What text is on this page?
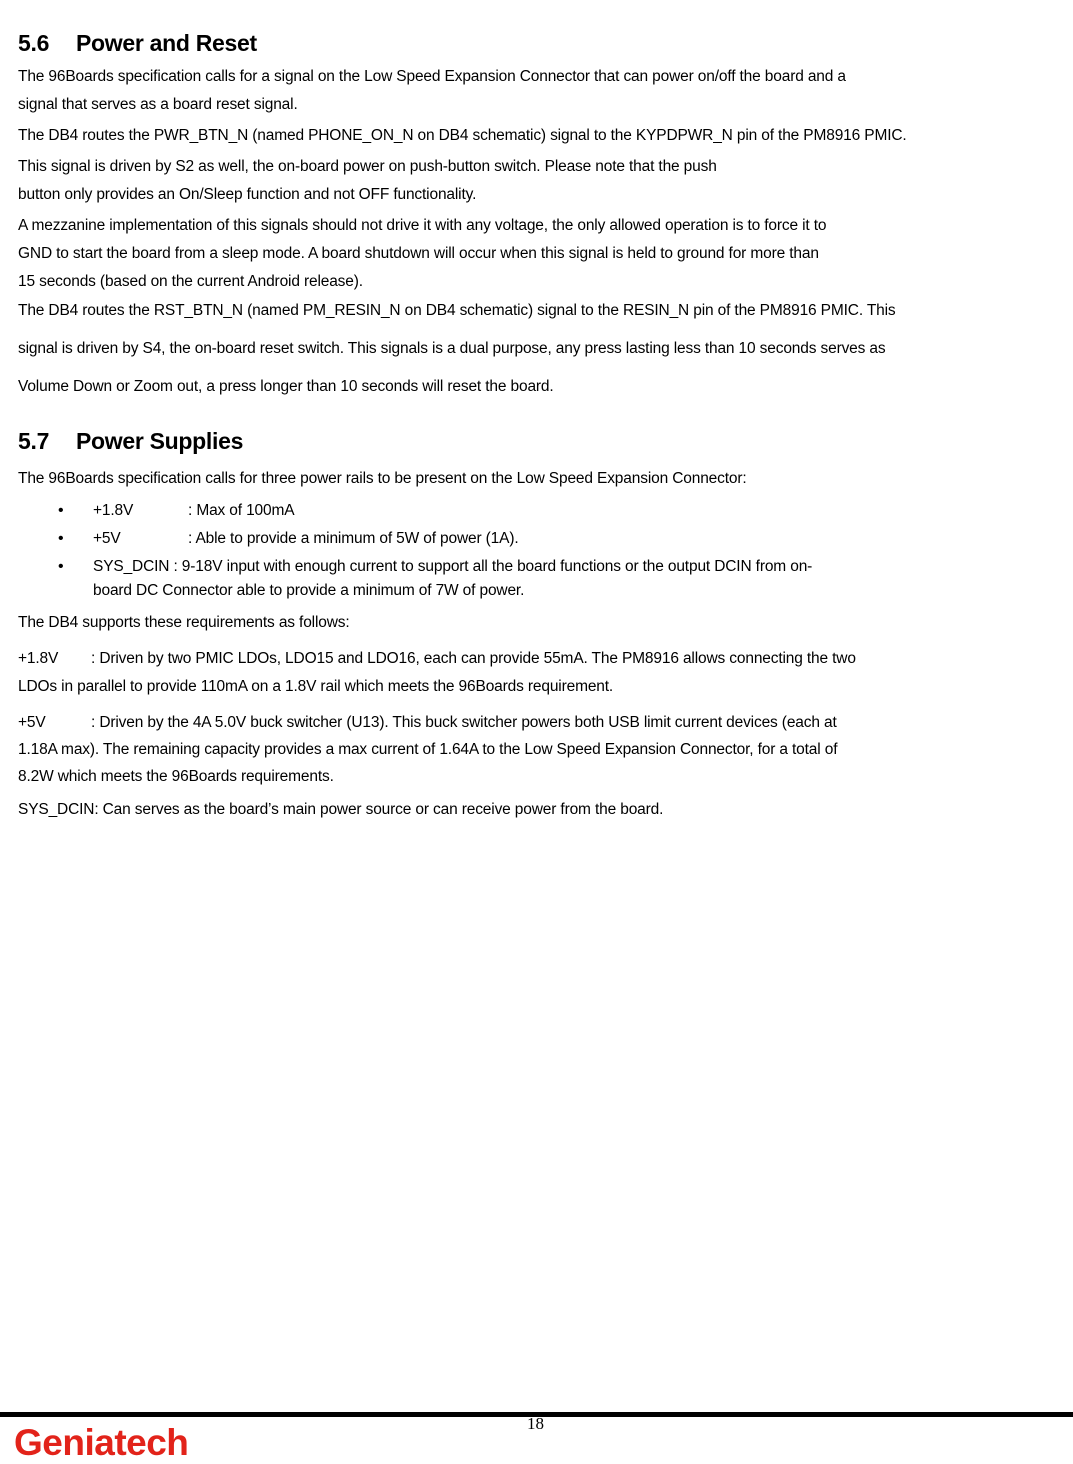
5.6 Power and Reset

The 96Boards specification calls for a signal on the Low Speed Expansion Connector that can power on/off the board and a
signal that serves as a board reset signal.

The DB4 routes the PWR_BTN_N (named PHONE_ON_N on DB4 schematic) signal to the KYPDPWR_N pin of the PM8916 PMIC.

This signal is driven by S2 as well, the on-board power on push-button switch. Please note that the push
button only provides an On/Sleep function and not OFF functionality.

A mezzanine implementation of this signals should not drive it with any voltage, the only allowed operation is to force it to
GND to start the board from a sleep mode. A board shutdown will occur when this signal is held to ground for more than
15 seconds (based on the current Android release).

The DB4 routes the RST_BTN_N (named PM_RESIN_N on DB4 schematic) signal to the RESIN_N pin of the PM8916 PMIC. This
signal is driven by S4, the on-board reset switch. This signals is a dual purpose, any press lasting less than 10 seconds serves as
Volume Down or Zoom out, a press longer than 10 seconds will reset the board.

5.7 Power Supplies

The 96Boards specification calls for three power rails to be present on the Low Speed Expansion Connector:

• +1.8V	: Max of 100mA
• +5V	: Able to provide a minimum of 5W of power (1A).
• SYS_DCIN : 9-18V input with enough current to support all the board functions or the output DCIN from on-
board DC Connector able to provide a minimum of 7W of power.

The DB4 supports these requirements as follows:

+1.8V : Driven by two PMIC LDOs, LDO15 and LDO16, each can provide 55mA. The PM8916 allows connecting the two
LDOs in parallel to provide 110mA on a 1.8V rail which meets the 96Boards requirement.

+5V	: Driven by the 4A 5.0V buck switcher (U13). This buck switcher powers both USB limit current devices (each at
1.18A max). The remaining capacity provides a max current of 1.64A to the Low Speed Expansion Connector, for a total of
8.2W which meets the 96Boards requirements.

SYS_DCIN: Can serves as the board’s main power source or can receive power from the board.

18
Geniatech
